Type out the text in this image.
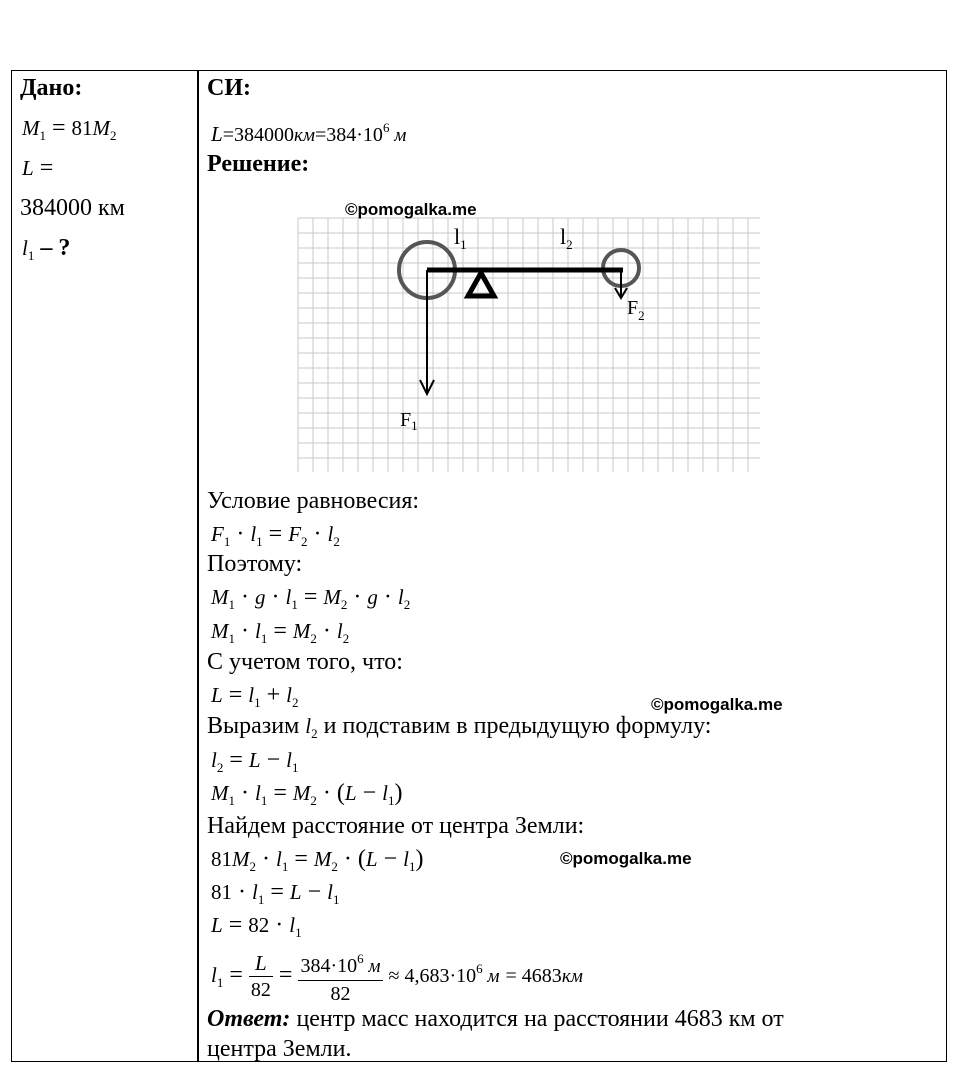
Дано:
$M_1 = 81M_2$
L =
384000 км
$l_1$ – ?
СИ:
$L=384000км=384\cdot 10^6$ м
Решение:
$l_1$	$l_2$
$F_1$
$F_2$
Условие равновесия:
$F_1 \cdot l_1 = F_2 \cdot l_2$
Поэтому:
$M_1 \cdot g \cdot l_1 = M_2 \cdot g \cdot l_2$
$M_1 \cdot l_1 = M_2 \cdot l_2$
С учетом того, что:
$L = l_1 + l_2$
Выразим $l_2$ и подставим в предыдущую формулу:
$l_2 = L - l_1$
$M_1 \cdot l_1 = M_2 \cdot (L - l_1)$
Найдем расстояние от центра Земли:
$81M_2 \cdot l_1 = M_2 \cdot (L - l_1)$
$81 \cdot l_1 = L - l_1$
$L = 82 \cdot l_1$
$l_1 = \frac{L}{82} = \frac{384\cdot 10^6 м}{82} \approx 4,683\cdot 10^6$ м = 4683км
Ответ: центр масс находится на расстоянии 4683 км от
центра Земли.
©pomogalka.me
©pomogalka.me
©pomogalka.me
